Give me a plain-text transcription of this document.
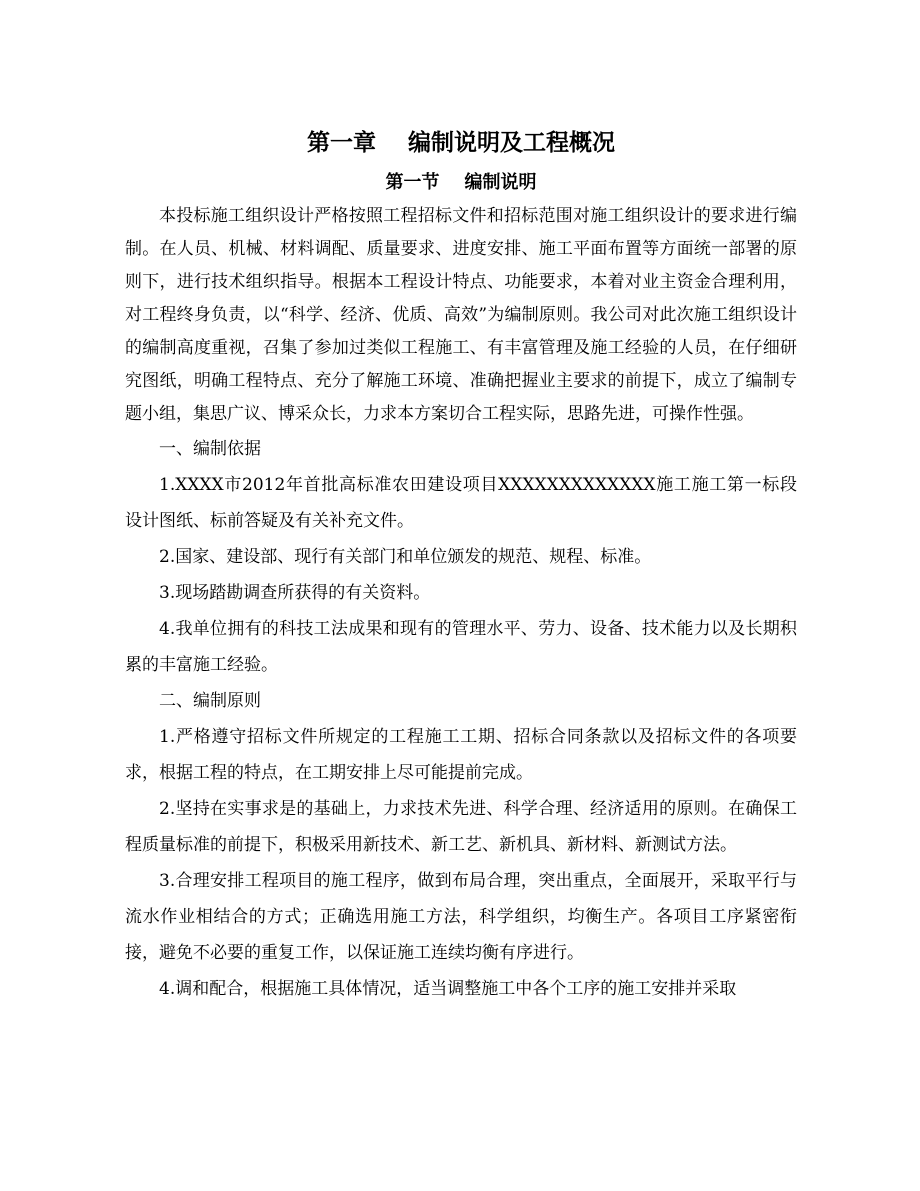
第一章    编制说明及工程概况
第一节    编制说明

本投标施工组织设计严格按照工程招标文件和招标范围对施工组织设计的要求进行编制。在人员、机械、材料调配、质量要求、进度安排、施工平面布置等方面统一部署的原则下，进行技术组织指导。根据本工程设计特点、功能要求，本着对业主资金合理利用，对工程终身负责，以“科学、经济、优质、高效”为编制原则。我公司对此次施工组织设计的编制高度重视，召集了参加过类似工程施工、有丰富管理及施工经验的人员，在仔细研究图纸，明确工程特点、充分了解施工环境、准确把握业主要求的前提下，成立了编制专题小组，集思广议、博采众长，力求本方案切合工程实际，思路先进，可操作性强。

一、编制依据

1.XXXX市2012年首批高标准农田建设项目XXXXXXXXXXXXX施工施工第一标段设计图纸、标前答疑及有关补充文件。

2.国家、建设部、现行有关部门和单位颁发的规范、规程、标准。

3.现场踏勘调查所获得的有关资料。

4.我单位拥有的科技工法成果和现有的管理水平、劳力、设备、技术能力以及长期积累的丰富施工经验。

二、编制原则

1.严格遵守招标文件所规定的工程施工工期、招标合同条款以及招标文件的各项要求，根据工程的特点，在工期安排上尽可能提前完成。

2.坚持在实事求是的基础上，力求技术先进、科学合理、经济适用的原则。在确保工程质量标准的前提下，积极采用新技术、新工艺、新机具、新材料、新测试方法。

3.合理安排工程项目的施工程序，做到布局合理，突出重点，全面展开，采取平行与流水作业相结合的方式；正确选用施工方法，科学组织，均衡生产。各项目工序紧密衔接，避免不必要的重复工作，以保证施工连续均衡有序进行。

4.调和配合，根据施工具体情况，适当调整施工中各个工序的施工安排并采取
